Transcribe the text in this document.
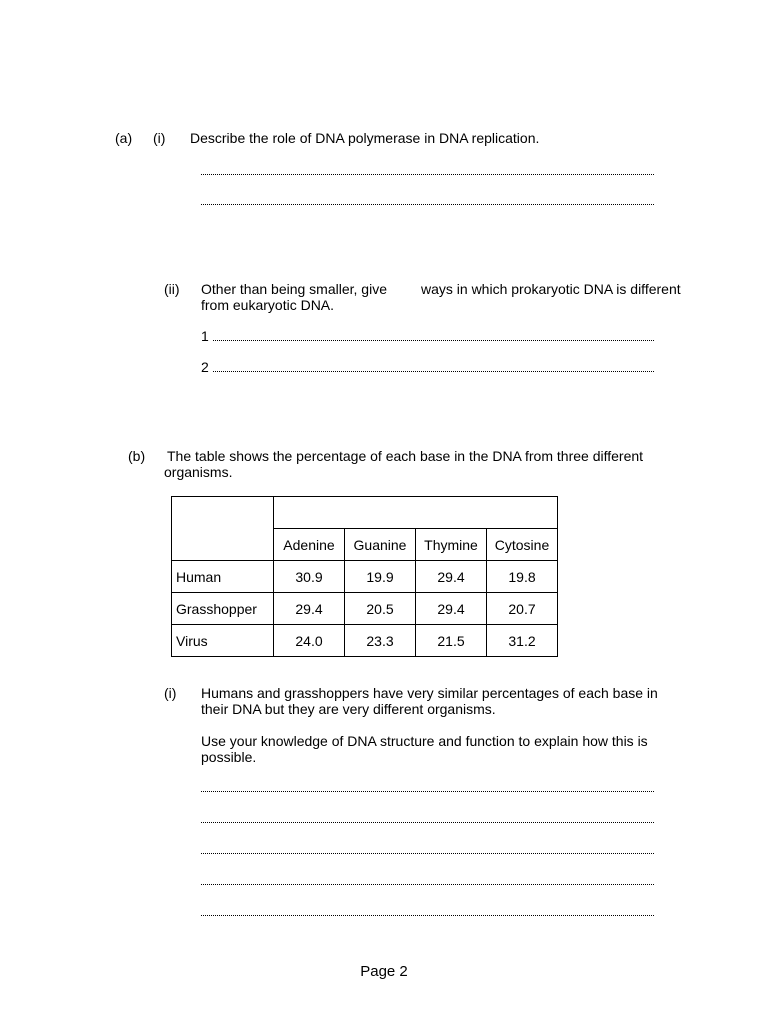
(a) (i) Describe the role of DNA polymerase in DNA replication.
(ii) Other than being smaller, give ways in which prokaryotic DNA is different
from eukaryotic DNA.
1
2
(b) The table shows the percentage of each base in the DNA from three different
organisms.

	Adenine	Guanine	Thymine	Cytosine
Human	30.9	19.9	29.4	19.8
Grasshopper	29.4	20.5	29.4	20.7
Virus	24.0	23.3	21.5	31.2
(i) Humans and grasshoppers have very similar percentages of each base in
their DNA but they are very different organisms.
Use your knowledge of DNA structure and function to explain how this is
possible.
Page 2
